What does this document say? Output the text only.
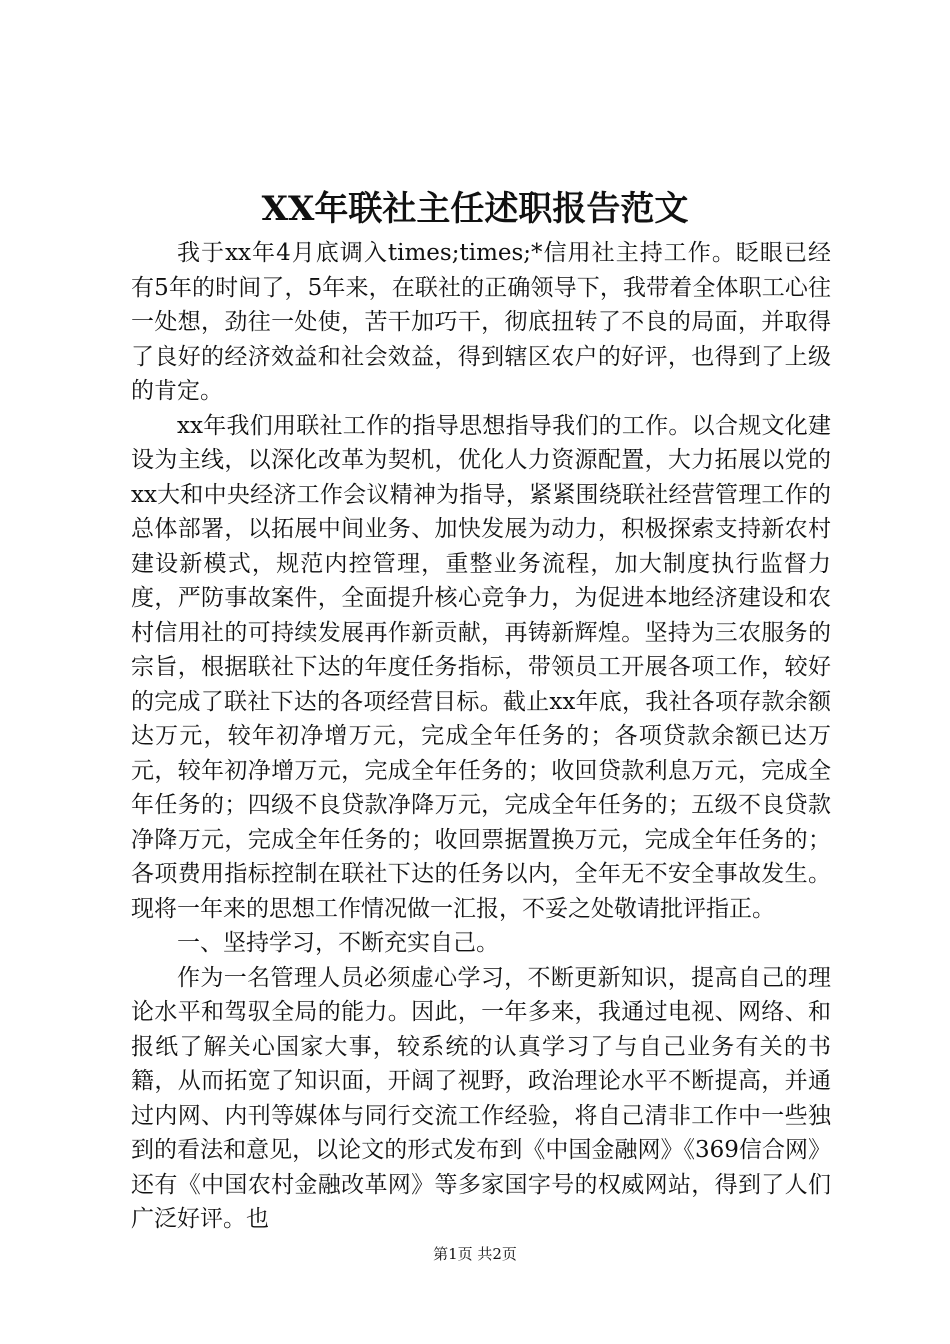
XX年联社主任述职报告范文

我于xx年4月底调入times;times;*信用社主持工作。眨眼已经有5年的时间了，5年来，在联社的正确领导下，我带着全体职工心往一处想，劲往一处使，苦干加巧干，彻底扭转了不良的局面，并取得了良好的经济效益和社会效益，得到辖区农户的好评，也得到了上级的肯定。

xx年我们用联社工作的指导思想指导我们的工作。以合规文化建设为主线，以深化改革为契机，优化人力资源配置，大力拓展以党的xx大和中央经济工作会议精神为指导，紧紧围绕联社经营管理工作的总体部署，以拓展中间业务、加快发展为动力，积极探索支持新农村建设新模式，规范内控管理，重整业务流程，加大制度执行监督力度，严防事故案件，全面提升核心竞争力，为促进本地经济建设和农村信用社的可持续发展再作新贡献，再铸新辉煌。坚持为三农服务的宗旨，根据联社下达的年度任务指标，带领员工开展各项工作，较好的完成了联社下达的各项经营目标。截止xx年底，我社各项存款余额达万元，较年初净增万元，完成全年任务的；各项贷款余额已达万元，较年初净增万元，完成全年任务的；收回贷款利息万元，完成全年任务的；四级不良贷款净降万元，完成全年任务的；五级不良贷款净降万元，完成全年任务的；收回票据置换万元，完成全年任务的；各项费用指标控制在联社下达的任务以内，全年无不安全事故发生。现将一年来的思想工作情况做一汇报，不妥之处敬请批评指正。

一、坚持学习，不断充实自己。

作为一名管理人员必须虚心学习，不断更新知识，提高自己的理论水平和驾驭全局的能力。因此，一年多来，我通过电视、网络、和报纸了解关心国家大事，较系统的认真学习了与自己业务有关的书籍，从而拓宽了知识面，开阔了视野，政治理论水平不断提高，并通过内网、内刊等媒体与同行交流工作经验，将自己清非工作中一些独到的看法和意见，以论文的形式发布到《中国金融网》《369信合网》还有《中国农村金融改革网》等多家国字号的权威网站，得到了人们广泛好评。也

第1页 共2页
